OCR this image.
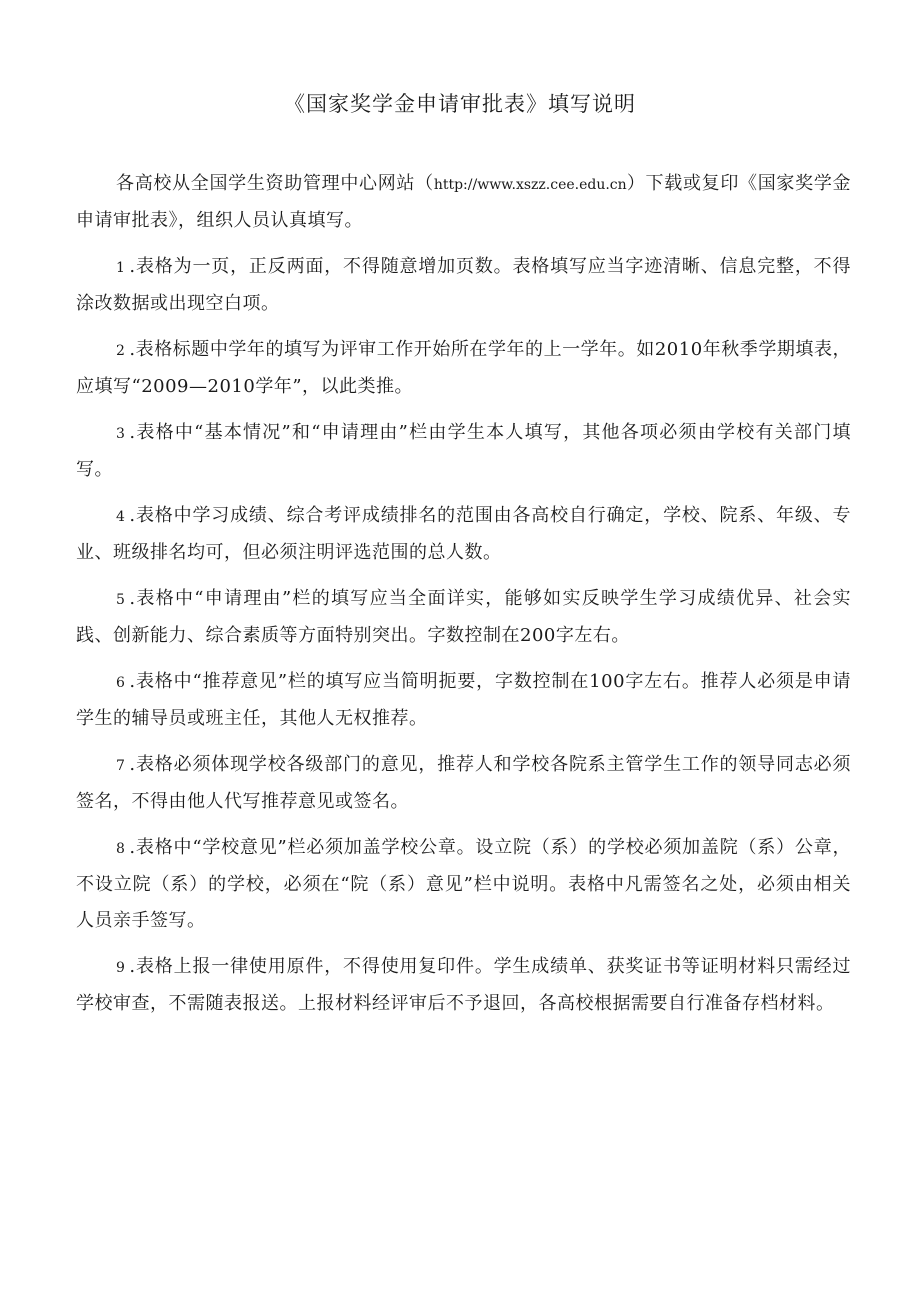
《国家奖学金申请审批表》填写说明

各高校从全国学生资助管理中心网站（http://www.xszz.cee.edu.cn）下载或复印《国家奖学金申请审批表》，组织人员认真填写。

1 .表格为一页，正反两面，不得随意增加页数。表格填写应当字迹清晰、信息完整，不得涂改数据或出现空白项。

2 .表格标题中学年的填写为评审工作开始所在学年的上一学年。如2010年秋季学期填表，应填写“2009—2010学年”，以此类推。

3 .表格中“基本情况”和“申请理由”栏由学生本人填写，其他各项必须由学校有关部门填写。

4 .表格中学习成绩、综合考评成绩排名的范围由各高校自行确定，学校、院系、年级、专业、班级排名均可，但必须注明评选范围的总人数。

5 .表格中“申请理由”栏的填写应当全面详实，能够如实反映学生学习成绩优异、社会实践、创新能力、综合素质等方面特别突出。字数控制在200字左右。

6 .表格中“推荐意见”栏的填写应当简明扼要，字数控制在100字左右。推荐人必须是申请学生的辅导员或班主任，其他人无权推荐。

7 .表格必须体现学校各级部门的意见，推荐人和学校各院系主管学生工作的领导同志必须签名，不得由他人代写推荐意见或签名。

8 .表格中“学校意见”栏必须加盖学校公章。设立院（系）的学校必须加盖院（系）公章，不设立院（系）的学校，必须在“院（系）意见”栏中说明。表格中凡需签名之处，必须由相关人员亲手签写。

9 .表格上报一律使用原件，不得使用复印件。学生成绩单、获奖证书等证明材料只需经过学校审查，不需随表报送。上报材料经评审后不予退回，各高校根据需要自行准备存档材料。
